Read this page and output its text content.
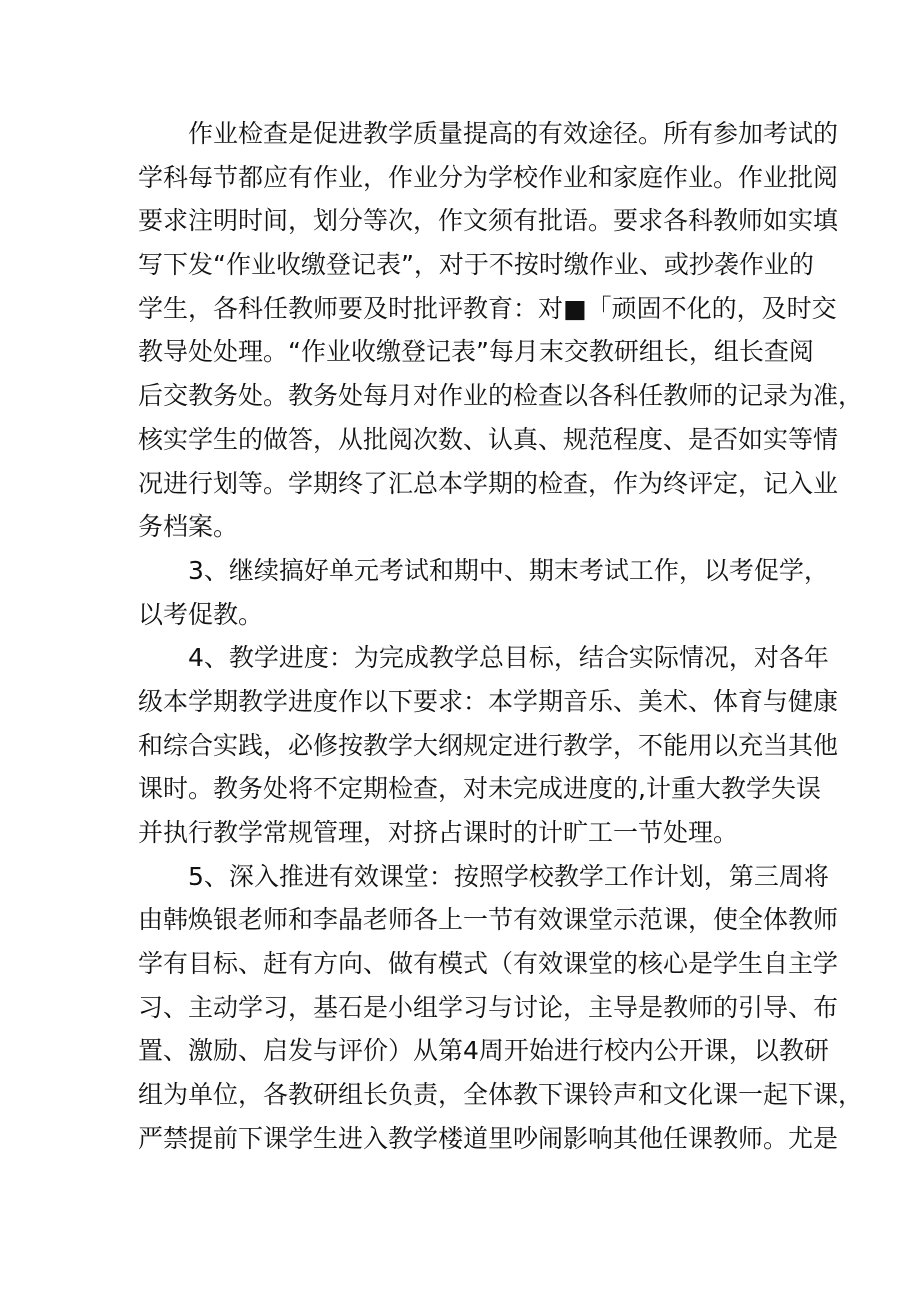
作业检查是促进教学质量提高的有效途径。所有参加考试的
学科每节都应有作业，作业分为学校作业和家庭作业。作业批阅
要求注明时间，划分等次，作文须有批语。要求各科教师如实填
写下发“作业收缴登记表”，对于不按时缴作业、或抄袭作业的
学生，各科任教师要及时批评教育：对■「顽固不化的，及时交
教导处处理。“作业收缴登记表”每月末交教研组长，组长查阅
后交教务处。教务处每月对作业的检查以各科任教师的记录为准，
核实学生的做答，从批阅次数、认真、规范程度、是否如实等情
况进行划等。学期终了汇总本学期的检查，作为终评定，记入业
务档案。
3、继续搞好单元考试和期中、期末考试工作，以考促学，
以考促教。
4、教学进度：为完成教学总目标，结合实际情况，对各年
级本学期教学进度作以下要求：本学期音乐、美术、体育与健康
和综合实践，必修按教学大纲规定进行教学，不能用以充当其他
课时。教务处将不定期检查，对未完成进度的,计重大教学失误
并执行教学常规管理，对挤占课时的计旷工一节处理。
5、深入推进有效课堂：按照学校教学工作计划，第三周将
由韩焕银老师和李晶老师各上一节有效课堂示范课，使全体教师
学有目标、赶有方向、做有模式（有效课堂的核心是学生自主学
习、主动学习，基石是小组学习与讨论，主导是教师的引导、布
置、激励、启发与评价）从第4周开始进行校内公开课，以教研
组为单位，各教研组长负责，全体教下课铃声和文化课一起下课，
严禁提前下课学生进入教学楼道里吵闹影响其他任课教师。尤是
